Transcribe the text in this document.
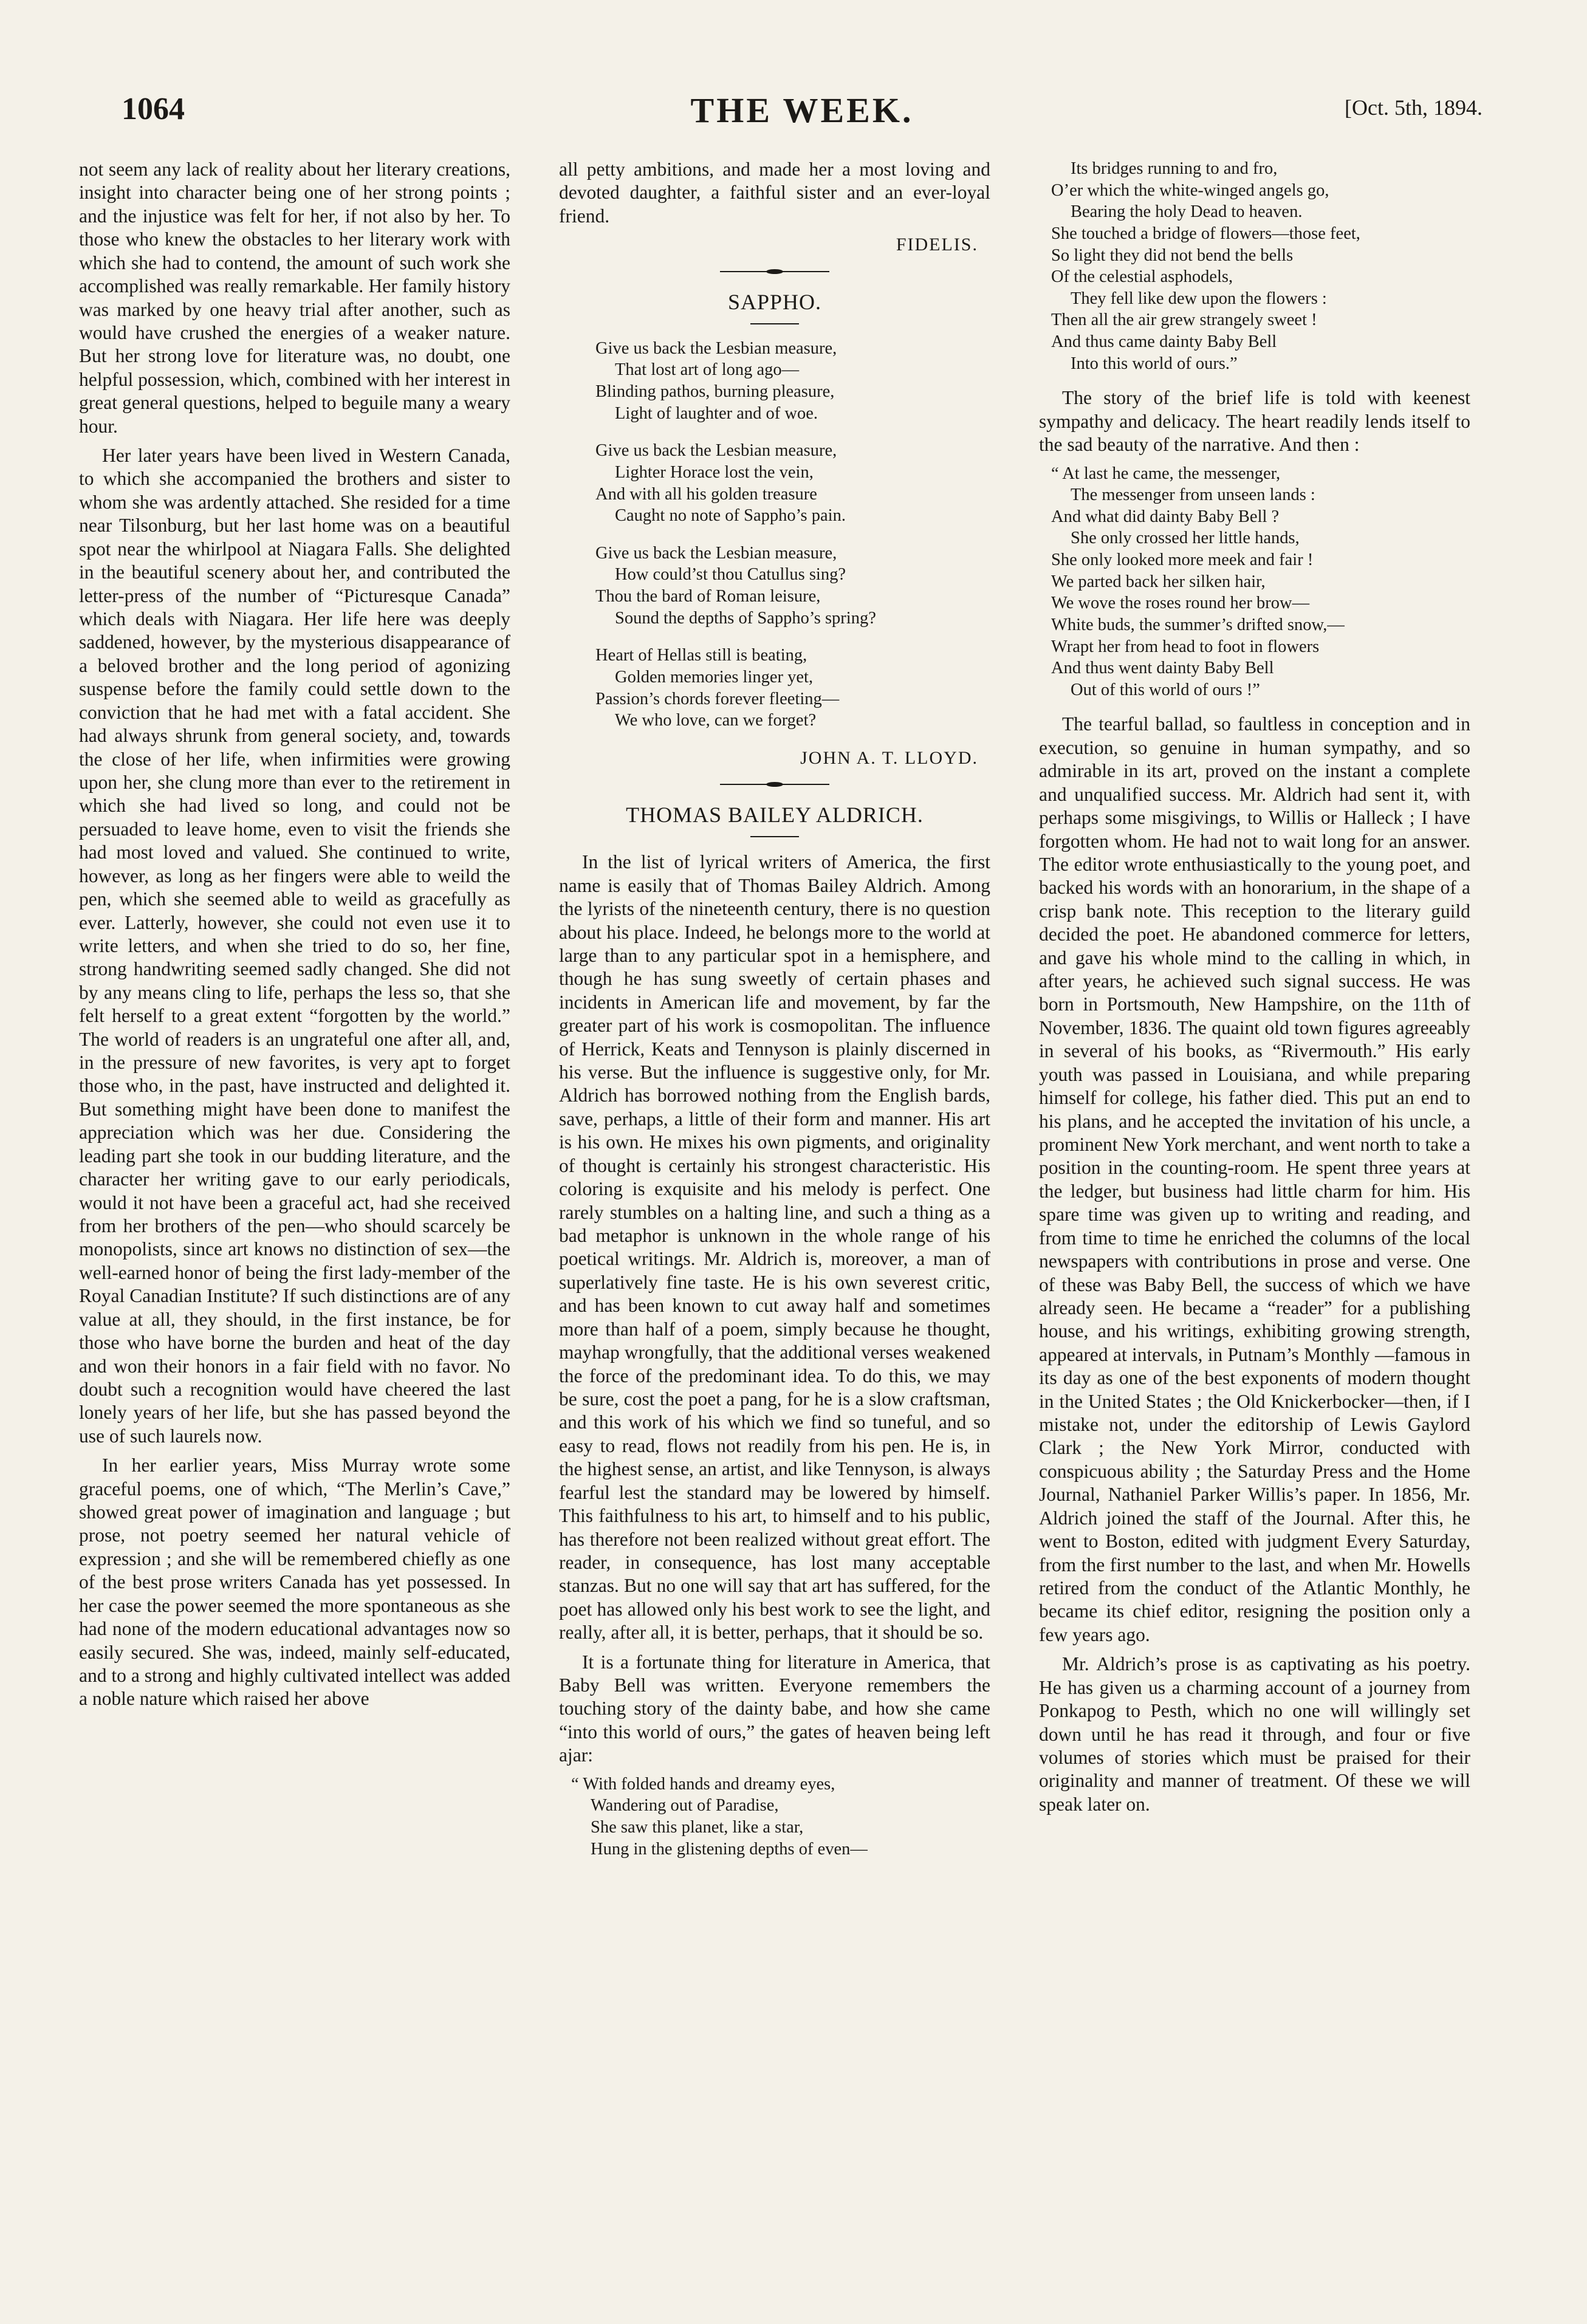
1064	THE WEEK.	[Oct. 5th, 1894.

not seem any lack of reality about her literary creations, insight into character being one of her strong points ; and the injustice was felt for her, if not also by her. To those who knew the obstacles to her literary work with which she had to contend, the amount of such work she accomplished was really remarkable. Her family history was marked by one heavy trial after another, such as would have crushed the energies of a weaker nature. But her strong love for literature was, no doubt, one helpful possession, which, combined with her interest in great general questions, helped to beguile many a weary hour.

Her later years have been lived in Western Canada, to which she accompanied the brothers and sister to whom she was ardently attached. She resided for a time near Tilsonburg, but her last home was on a beautiful spot near the whirlpool at Niagara Falls. She delighted in the beautiful scenery about her, and contributed the letter-press of the number of “Picturesque Canada” which deals with Niagara. Her life here was deeply saddened, however, by the mysterious disappearance of a beloved brother and the long period of agonizing suspense before the family could settle down to the conviction that he had met with a fatal accident. She had always shrunk from general society, and, towards the close of her life, when infirmities were growing upon her, she clung more than ever to the retirement in which she had lived so long, and could not be persuaded to leave home, even to visit the friends she had most loved and valued. She continued to write, however, as long as her fingers were able to weild the pen, which she seemed able to weild as gracefully as ever. Latterly, however, she could not even use it to write letters, and when she tried to do so, her fine, strong handwriting seemed sadly changed. She did not by any means cling to life, perhaps the less so, that she felt herself to a great extent “forgotten by the world.” The world of readers is an ungrateful one after all, and, in the pressure of new favorites, is very apt to forget those who, in the past, have instructed and delighted it. But something might have been done to manifest the appreciation which was her due. Considering the leading part she took in our budding literature, and the character her writing gave to our early periodicals, would it not have been a graceful act, had she received from her brothers of the pen—who should scarcely be monopolists, since art knows no distinction of sex—the well-earned honor of being the first lady-member of the Royal Canadian Institute? If such distinctions are of any value at all, they should, in the first instance, be for those who have borne the burden and heat of the day and won their honors in a fair field with no favor. No doubt such a recognition would have cheered the last lonely years of her life, but she has passed beyond the use of such laurels now.

In her earlier years, Miss Murray wrote some graceful poems, one of which, “The Merlin’s Cave,” showed great power of imagination and language ; but prose, not poetry seemed her natural vehicle of expression ; and she will be remembered chiefly as one of the best prose writers Canada has yet possessed. In her case the power seemed the more spontaneous as she had none of the modern educational advantages now so easily secured. She was, indeed, mainly self-educated, and to a strong and highly cultivated intellect was added a noble nature which raised her above

all petty ambitions, and made her a most loving and devoted daughter, a faithful sister and an ever-loyal friend.

FIDELIS.
SAPPHO.
Give us back the Lesbian measure,
That lost art of long ago—
Blinding pathos, burning pleasure,
Light of laughter and of woe.
Give us back the Lesbian measure,
Lighter Horace lost the vein,
And with all his golden treasure
Caught no note of Sappho’s pain.
Give us back the Lesbian measure,
How could’st thou Catullus sing?
Thou the bard of Roman leisure,
Sound the depths of Sappho’s spring?
Heart of Hellas still is beating,
Golden memories linger yet,
Passion’s chords forever fleeting—
We who love, can we forget?
JOHN A. T. LLOYD.
THOMAS BAILEY ALDRICH.

In the list of lyrical writers of America, the first name is easily that of Thomas Bailey Aldrich. Among the lyrists of the nineteenth century, there is no question about his place. Indeed, he belongs more to the world at large than to any particular spot in a hemisphere, and though he has sung sweetly of certain phases and incidents in American life and movement, by far the greater part of his work is cosmopolitan. The influence of Herrick, Keats and Tennyson is plainly discerned in his verse. But the influence is suggestive only, for Mr. Aldrich has borrowed nothing from the English bards, save, perhaps, a little of their form and manner. His art is his own. He mixes his own pigments, and originality of thought is certainly his strongest characteristic. His coloring is exquisite and his melody is perfect. One rarely stumbles on a halting line, and such a thing as a bad metaphor is unknown in the whole range of his poetical writings. Mr. Aldrich is, moreover, a man of superlatively fine taste. He is his own severest critic, and has been known to cut away half and sometimes more than half of a poem, simply because he thought, mayhap wrongfully, that the additional verses weakened the force of the predominant idea. To do this, we may be sure, cost the poet a pang, for he is a slow craftsman, and this work of his which we find so tuneful, and so easy to read, flows not readily from his pen. He is, in the highest sense, an artist, and like Tennyson, is always fearful lest the standard may be lowered by himself. This faithfulness to his art, to himself and to his public, has therefore not been realized without great effort. The reader, in consequence, has lost many acceptable stanzas. But no one will say that art has suffered, for the poet has allowed only his best work to see the light, and really, after all, it is better, perhaps, that it should be so.

It is a fortunate thing for literature in America, that Baby Bell was written. Everyone remembers the touching story of the dainty babe, and how she came “into this world of ours,” the gates of heaven being left ajar:

“ With folded hands and dreamy eyes,
Wandering out of Paradise,
She saw this planet, like a star,
Hung in the glistening depths of even—
Its bridges running to and fro,
O’er which the white-winged angels go,
Bearing the holy Dead to heaven.
She touched a bridge of flowers—those feet,
So light they did not bend the bells
Of the celestial asphodels,
They fell like dew upon the flowers :
Then all the air grew strangely sweet !
And thus came dainty Baby Bell
Into this world of ours.”

The story of the brief life is told with keenest sympathy and delicacy. The heart readily lends itself to the sad beauty of the narrative. And then :

“ At last he came, the messenger,
The messenger from unseen lands :
And what did dainty Baby Bell ?
She only crossed her little hands,
She only looked more meek and fair !
We parted back her silken hair,
We wove the roses round her brow—
White buds, the summer’s drifted snow,—
Wrapt her from head to foot in flowers
And thus went dainty Baby Bell
Out of this world of ours !”

The tearful ballad, so faultless in conception and in execution, so genuine in human sympathy, and so admirable in its art, proved on the instant a complete and unqualified success. Mr. Aldrich had sent it, with perhaps some misgivings, to Willis or Halleck ; I have forgotten whom. He had not to wait long for an answer. The editor wrote enthusiastically to the young poet, and backed his words with an honorarium, in the shape of a crisp bank note. This reception to the literary guild decided the poet. He abandoned commerce for letters, and gave his whole mind to the calling in which, in after years, he achieved such signal success. He was born in Portsmouth, New Hampshire, on the 11th of November, 1836. The quaint old town figures agreeably in several of his books, as “Rivermouth.” His early youth was passed in Louisiana, and while preparing himself for college, his father died. This put an end to his plans, and he accepted the invitation of his uncle, a prominent New York merchant, and went north to take a position in the counting-room. He spent three years at the ledger, but business had little charm for him. His spare time was given up to writing and reading, and from time to time he enriched the columns of the local newspapers with contributions in prose and verse. One of these was Baby Bell, the success of which we have already seen. He became a “reader” for a publishing house, and his writings, exhibiting growing strength, appeared at intervals, in Putnam’s Monthly —famous in its day as one of the best exponents of modern thought in the United States ; the Old Knickerbocker—then, if I mistake not, under the editorship of Lewis Gaylord Clark ; the New York Mirror, conducted with conspicuous ability ; the Saturday Press and the Home Journal, Nathaniel Parker Willis’s paper. In 1856, Mr. Aldrich joined the staff of the Journal. After this, he went to Boston, edited with judgment Every Saturday, from the first number to the last, and when Mr. Howells retired from the conduct of the Atlantic Monthly, he became its chief editor, resigning the position only a few years ago.

Mr. Aldrich’s prose is as captivating as his poetry. He has given us a charming account of a journey from Ponkapog to Pesth, which no one will willingly set down until he has read it through, and four or five volumes of stories which must be praised for their originality and manner of treatment. Of these we will speak later on.
